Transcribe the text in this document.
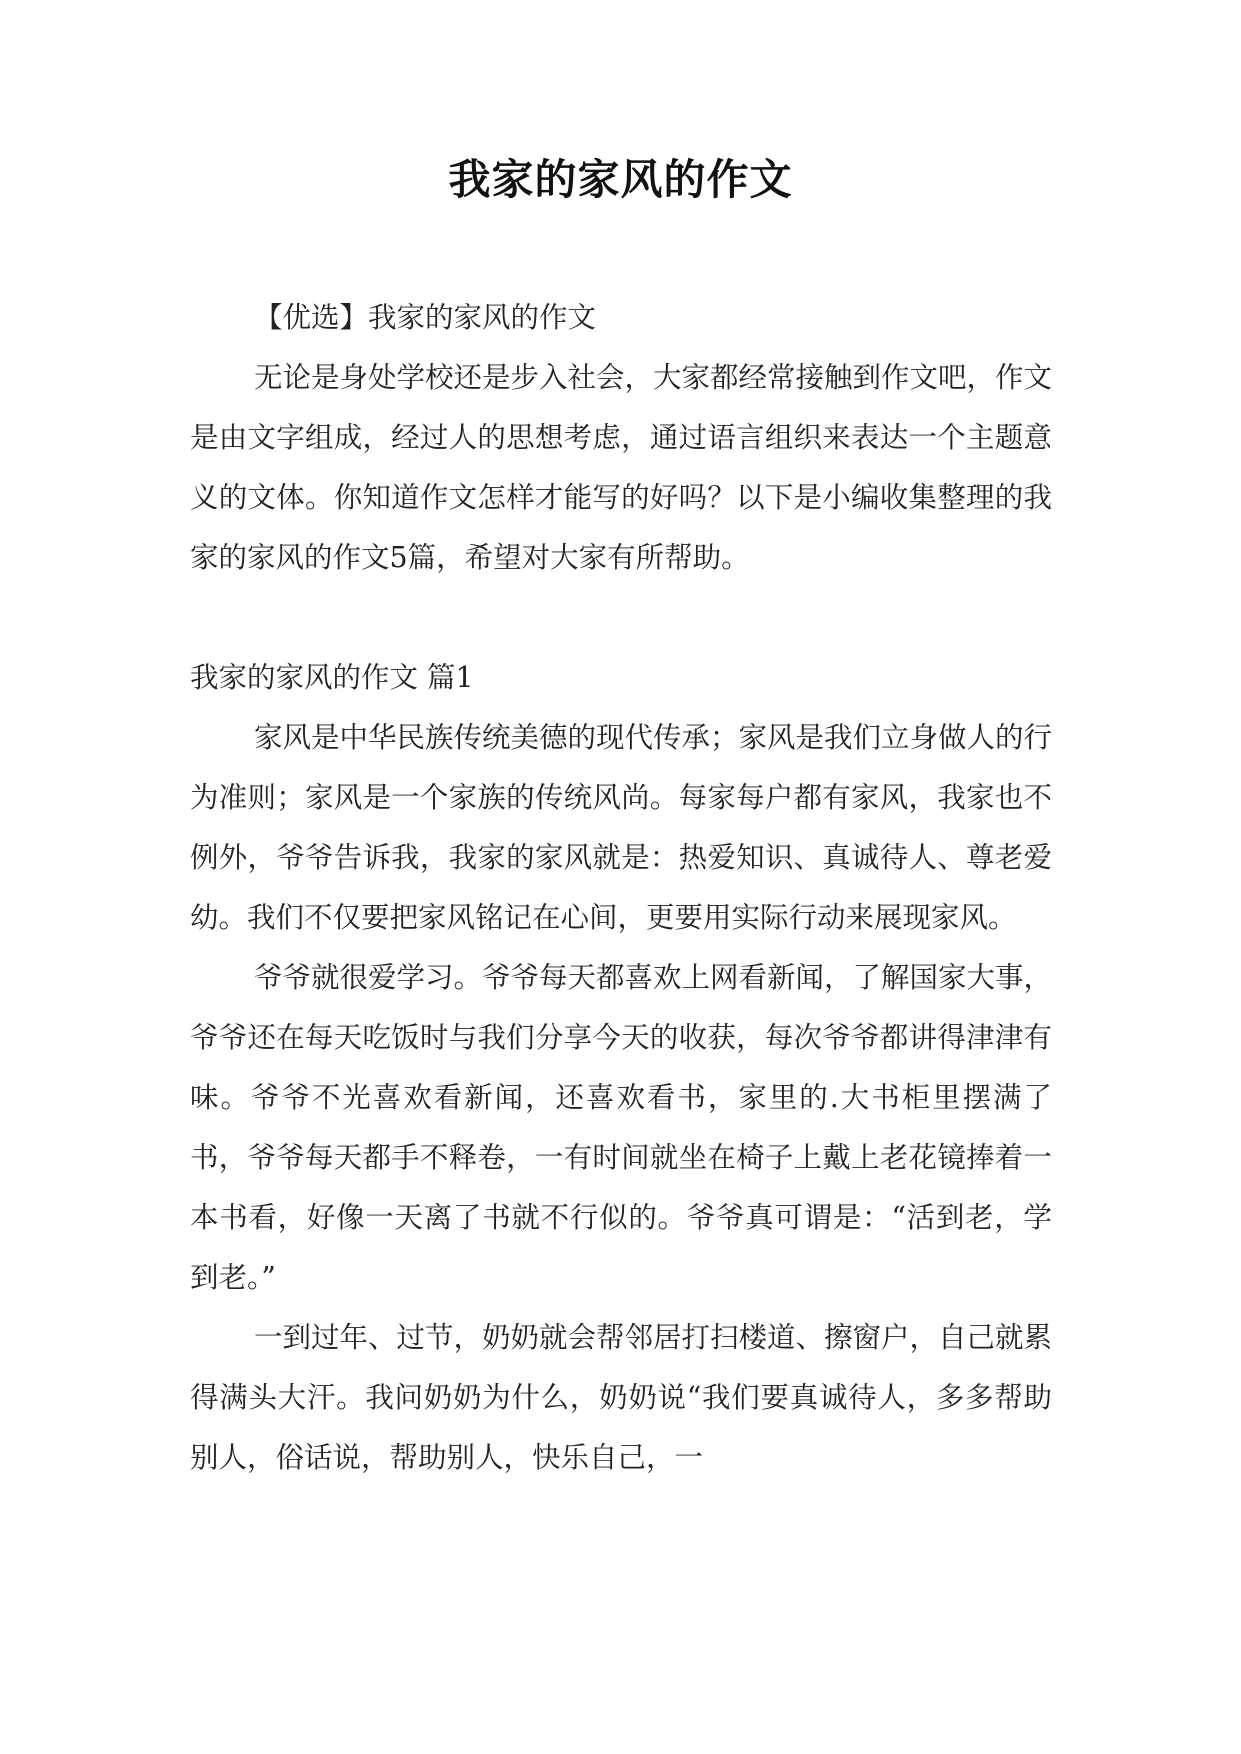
我家的家风的作文

【优选】我家的家风的作文

无论是身处学校还是步入社会，大家都经常接触到作文吧，作文是由文字组成，经过人的思想考虑，通过语言组织来表达一个主题意义的文体。你知道作文怎样才能写的好吗？以下是小编收集整理的我家的家风的作文5篇，希望对大家有所帮助。

我家的家风的作文 篇1

家风是中华民族传统美德的现代传承；家风是我们立身做人的行为准则；家风是一个家族的传统风尚。每家每户都有家风，我家也不例外，爷爷告诉我，我家的家风就是：热爱知识、真诚待人、尊老爱幼。我们不仅要把家风铭记在心间，更要用实际行动来展现家风。

爷爷就很爱学习。爷爷每天都喜欢上网看新闻，了解国家大事，爷爷还在每天吃饭时与我们分享今天的收获，每次爷爷都讲得津津有味。爷爷不光喜欢看新闻，还喜欢看书，家里的.大书柜里摆满了书，爷爷每天都手不释卷，一有时间就坐在椅子上戴上老花镜捧着一本书看，好像一天离了书就不行似的。爷爷真可谓是：“活到老，学到老。”

一到过年、过节，奶奶就会帮邻居打扫楼道、擦窗户，自己就累得满头大汗。我问奶奶为什么，奶奶说“我们要真诚待人，多多帮助别人，俗话说，帮助别人，快乐自己，一
